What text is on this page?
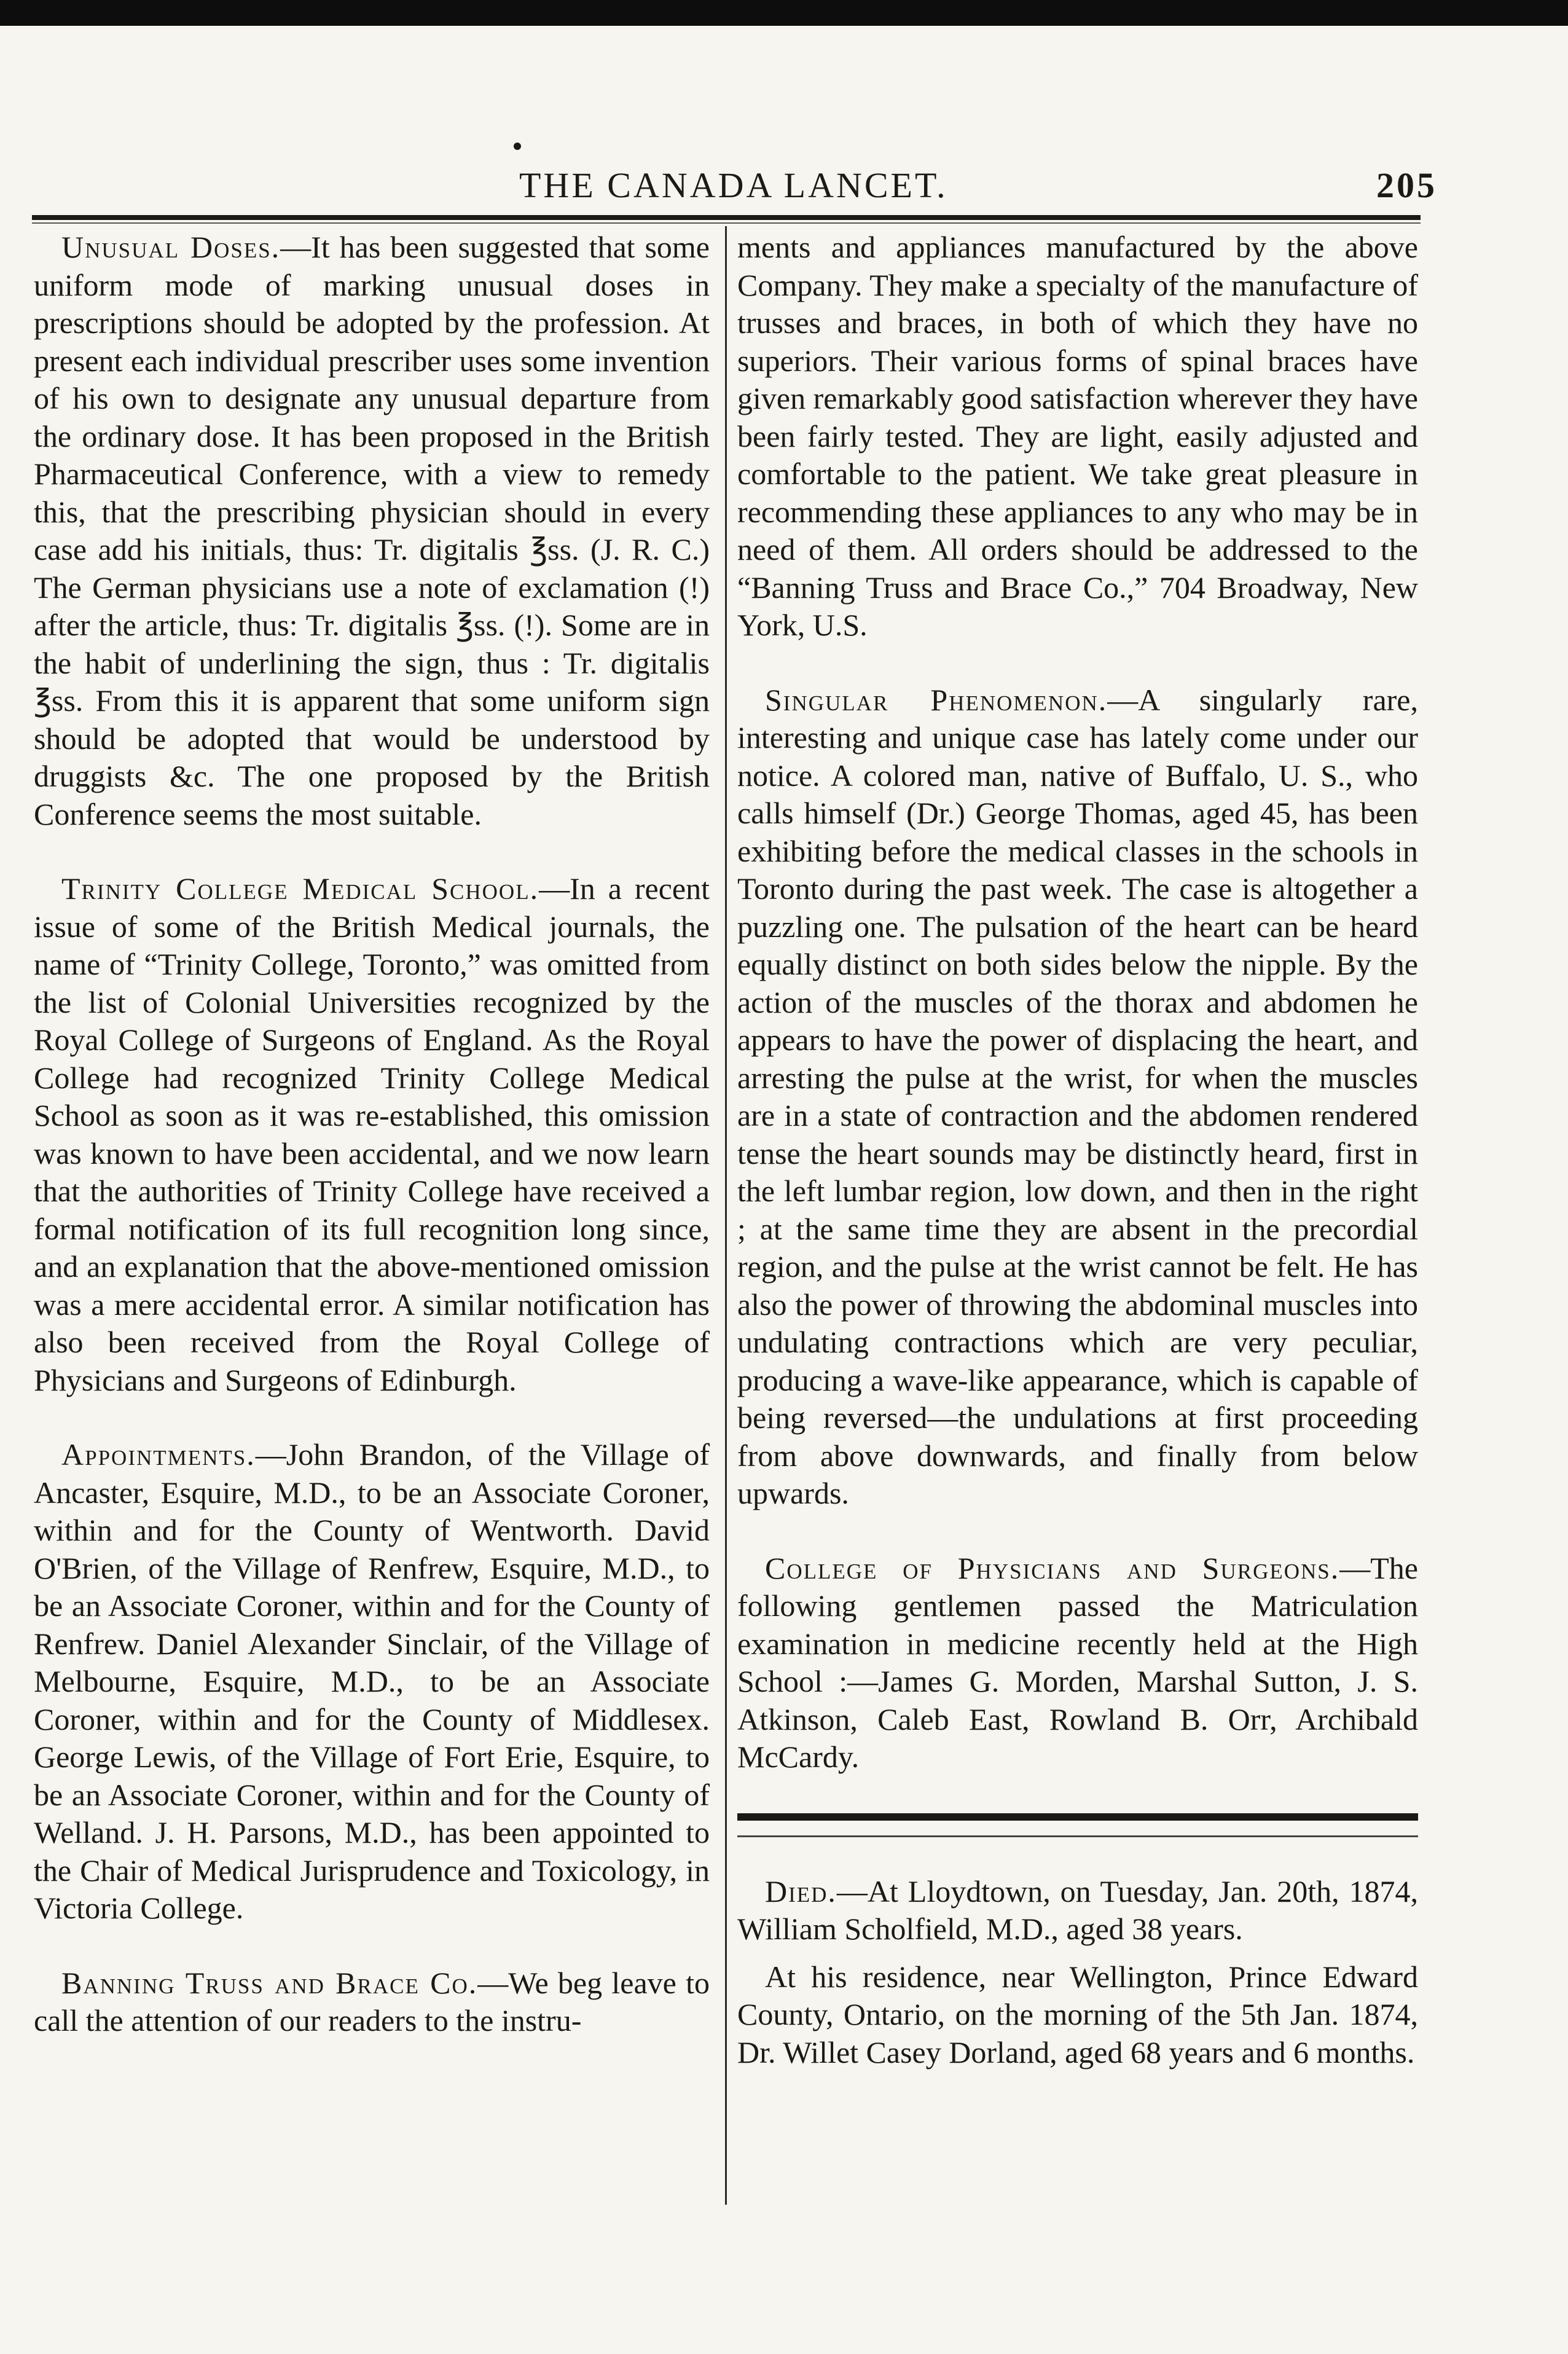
THE CANADA LANCET.	205

Unusual Doses.—It has been suggested that some uniform mode of marking unusual doses in prescriptions should be adopted by the profession. At present each individual prescriber uses some invention of his own to designate any unusual departure from the ordinary dose. It has been proposed in the British Pharmaceutical Conference, with a view to remedy this, that the prescribing physician should in every case add his initials, thus: Tr. digitalis ℥ss. (J. R. C.) The German physicians use a note of exclamation (!) after the article, thus: Tr. digitalis ℥ss. (!). Some are in the habit of underlining the sign, thus : Tr. digitalis ℥ss. From this it is apparent that some uniform sign should be adopted that would be understood by druggists &c. The one proposed by the British Conference seems the most suitable.

Trinity College Medical School.—In a recent issue of some of the British Medical journals, the name of “Trinity College, Toronto,” was omitted from the list of Colonial Universities recognized by the Royal College of Surgeons of England. As the Royal College had recognized Trinity College Medical School as soon as it was re-established, this omission was known to have been accidental, and we now learn that the authorities of Trinity College have received a formal notification of its full recognition long since, and an explanation that the above-mentioned omission was a mere accidental error. A similar notification has also been received from the Royal College of Physicians and Surgeons of Edinburgh.

Appointments.—John Brandon, of the Village of Ancaster, Esquire, M.D., to be an Associate Coroner, within and for the County of Wentworth. David O'Brien, of the Village of Renfrew, Esquire, M.D., to be an Associate Coroner, within and for the County of Renfrew. Daniel Alexander Sinclair, of the Village of Melbourne, Esquire, M.D., to be an Associate Coroner, within and for the County of Middlesex. George Lewis, of the Village of Fort Erie, Esquire, to be an Associate Coroner, within and for the County of Welland. J. H. Parsons, M.D., has been appointed to the Chair of Medical Jurisprudence and Toxicology, in Victoria College.

Banning Truss and Brace Co.—We beg leave to call the attention of our readers to the instru-

ments and appliances manufactured by the above Company. They make a specialty of the manufacture of trusses and braces, in both of which they have no superiors. Their various forms of spinal braces have given remarkably good satisfaction wherever they have been fairly tested. They are light, easily adjusted and comfortable to the patient. We take great pleasure in recommending these appliances to any who may be in need of them. All orders should be addressed to the “Banning Truss and Brace Co.,” 704 Broadway, New York, U.S.

Singular Phenomenon.—A singularly rare, interesting and unique case has lately come under our notice. A colored man, native of Buffalo, U. S., who calls himself (Dr.) George Thomas, aged 45, has been exhibiting before the medical classes in the schools in Toronto during the past week. The case is altogether a puzzling one. The pulsation of the heart can be heard equally distinct on both sides below the nipple. By the action of the muscles of the thorax and abdomen he appears to have the power of displacing the heart, and arresting the pulse at the wrist, for when the muscles are in a state of contraction and the abdomen rendered tense the heart sounds may be distinctly heard, first in the left lumbar region, low down, and then in the right ; at the same time they are absent in the precordial region, and the pulse at the wrist cannot be felt. He has also the power of throwing the abdominal muscles into undulating contractions which are very peculiar, producing a wave-like appearance, which is capable of being reversed—the undulations at first proceeding from above downwards, and finally from below upwards.

College of Physicians and Surgeons.—The following gentlemen passed the Matriculation examination in medicine recently held at the High School :—James G. Morden, Marshal Sutton, J. S. Atkinson, Caleb East, Rowland B. Orr, Archibald McCardy.

Died.—At Lloydtown, on Tuesday, Jan. 20th, 1874, William Scholfield, M.D., aged 38 years.

At his residence, near Wellington, Prince Edward County, Ontario, on the morning of the 5th Jan. 1874, Dr. Willet Casey Dorland, aged 68 years and 6 months.
